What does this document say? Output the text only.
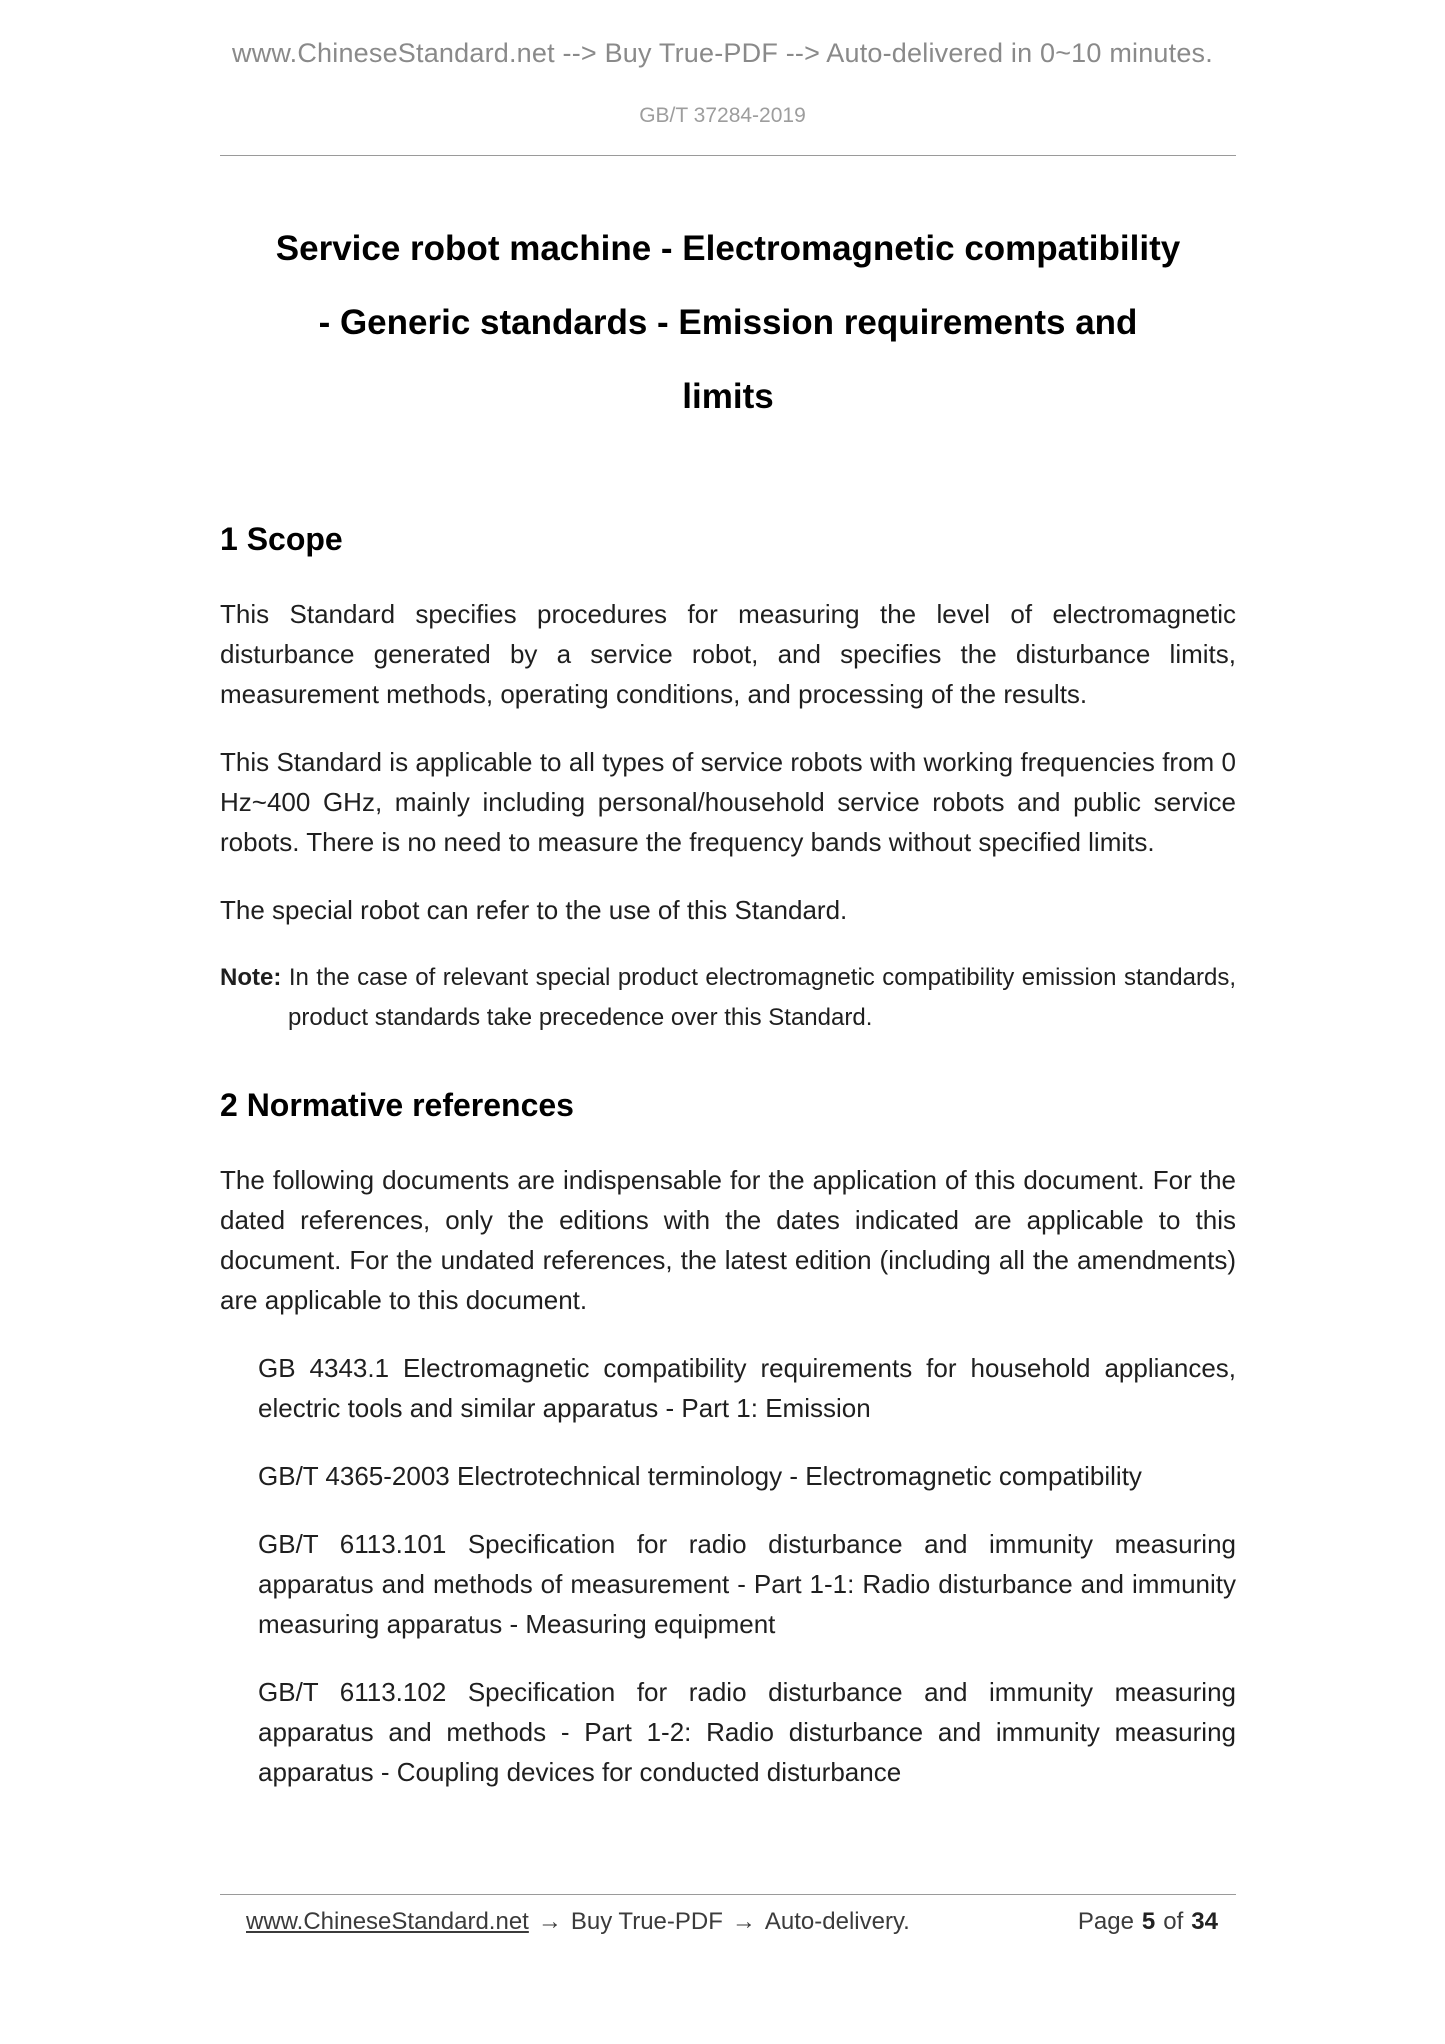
www.ChineseStandard.net --> Buy True-PDF --> Auto-delivered in 0~10 minutes.
GB/T 37284-2019
Service robot machine - Electromagnetic compatibility
- Generic standards - Emission requirements and
limits
1 Scope

This Standard specifies procedures for measuring the level of electromagnetic disturbance generated by a service robot, and specifies the disturbance limits, measurement methods, operating conditions, and processing of the results.

This Standard is applicable to all types of service robots with working frequencies from 0 Hz~400 GHz, mainly including personal/household service robots and public service robots. There is no need to measure the frequency bands without specified limits.

The special robot can refer to the use of this Standard.

Note: In the case of relevant special product electromagnetic compatibility emission standards, product standards take precedence over this Standard.

2 Normative references

The following documents are indispensable for the application of this document. For the dated references, only the editions with the dates indicated are applicable to this document. For the undated references, the latest edition (including all the amendments) are applicable to this document.

GB 4343.1 Electromagnetic compatibility requirements for household appliances, electric tools and similar apparatus - Part 1: Emission

GB/T 4365-2003 Electrotechnical terminology - Electromagnetic compatibility

GB/T 6113.101 Specification for radio disturbance and immunity measuring apparatus and methods of measurement - Part 1-1: Radio disturbance and immunity measuring apparatus - Measuring equipment

GB/T 6113.102 Specification for radio disturbance and immunity measuring apparatus and methods - Part 1-2: Radio disturbance and immunity measuring apparatus - Coupling devices for conducted disturbance

www.ChineseStandard.net → Buy True-PDF → Auto-delivery.	Page 5 of 34
